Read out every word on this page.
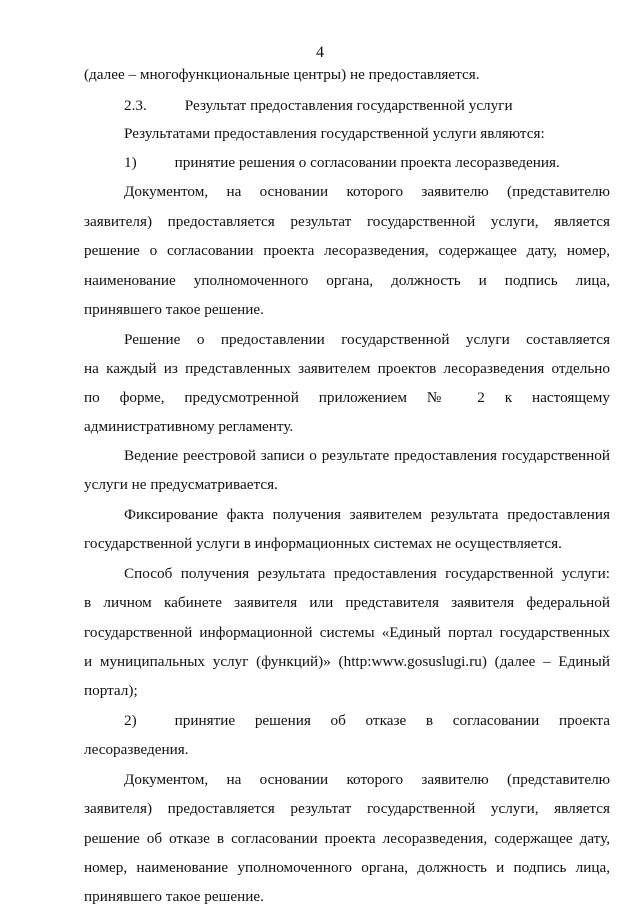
4
(далее – многофункциональные центры) не предоставляется.
2.3.	Результат предоставления государственной услуги
Результатами предоставления государственной услуги являются:
1)	принятие решения о согласовании проекта лесоразведения.
Документом, на основании которого заявителю (представителю
заявителя) предоставляется результат государственной услуги, является
решение о согласовании проекта лесоразведения, содержащее дату, номер,
наименование уполномоченного органа, должность и подпись лица,
принявшего такое решение.
Решение о предоставлении государственной услуги составляется
на каждый из представленных заявителем проектов лесоразведения отдельно
по форме, предусмотренной приложением № 2 к настоящему
административному регламенту.
Ведение реестровой записи о результате предоставления государственной
услуги не предусматривается.
Фиксирование факта получения заявителем результата предоставления
государственной услуги в информационных системах не осуществляется.
Способ получения результата предоставления государственной услуги:
в личном кабинете заявителя или представителя заявителя федеральной
государственной информационной системы «Единый портал государственных
и муниципальных услуг (функций)» (http:www.gosuslugi.ru) (далее – Единый
портал);
2)	принятие решения об отказе в согласовании проекта
лесоразведения.
Документом, на основании которого заявителю (представителю
заявителя) предоставляется результат государственной услуги, является
решение об отказе в согласовании проекта лесоразведения, содержащее дату,
номер, наименование уполномоченного органа, должность и подпись лица,
принявшего такое решение.
